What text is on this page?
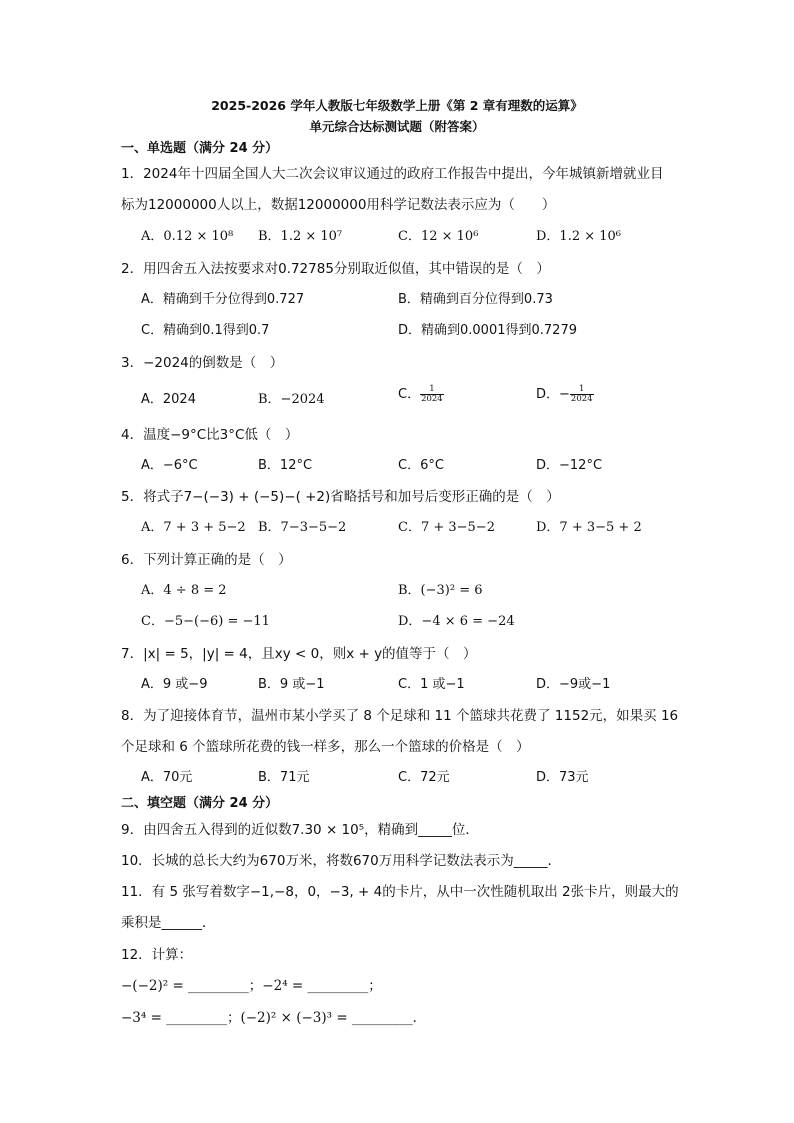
2025-2026 学年人教版七年级数学上册《第 2 章有理数的运算》
单元综合达标测试题（附答案）
一、单选题（满分 24 分）
1．2024年十四届全国人大二次会议审议通过的政府工作报告中提出，今年城镇新增就业目
标为12000000人以上，数据12000000用科学记数法表示应为（　　）
A．0.12 × 10⁸ B．1.2 × 10⁷	C．12 × 10⁶	D．1.2 × 10⁶
2．用四舍五入法按要求对0.72785分别取近似值，其中错误的是（　）
A．精确到千分位得到0.727	B．精确到百分位得到0.73
C．精确到0.1得到0.7	D．精确到0.0001得到0.7279
3．−2024的倒数是（　）
A．2024	B．−2024	C． $\frac{1}{2024}$	D．− $\frac{1}{2024}$
4．温度−9°C比3°C低（　）
A．−6°C	B．12°C	C．6°C	D．−12°C
5．将式子7−(−3) + (−5)−( +2)省略括号和加号后变形正确的是（　）
A．7 + 3 + 5−2 B．7−3−5−2	C．7 + 3−5−2	D．7 + 3−5 + 2
6．下列计算正确的是（　）
A．4 ÷ 8 = 2	B．(−3)² = 6
C．−5−(−6) = −11	D．−4 × 6 = −24
7．|x| = 5，|y| = 4，且xy < 0，则x + y的值等于（　）
A．9 或−9	B．9 或−1	C．1 或−1	D．−9或−1
8．为了迎接体育节，温州市某小学买了 8 个足球和 11 个篮球共花费了 1152元，如果买 16
个足球和 6 个篮球所花费的钱一样多，那么一个篮球的价格是（　）
A．70元	B．71元	C．72元	D．73元
二、填空题（满分 24 分）
9．由四舍五入得到的近似数7.30 × 10⁵，精确到_____位．
10．长城的总长大约为670万米，将数670万用科学记数法表示为_____．
11．有 5 张写着数字−1,−8，0，−3, + 4的卡片，从中一次性随机取出 2张卡片，则最大的
乘积是______．
12．计算：
−(−2)² = _________；−2⁴ = _________；
−3⁴ = _________；(−2)² × (−3)³ = _________．
